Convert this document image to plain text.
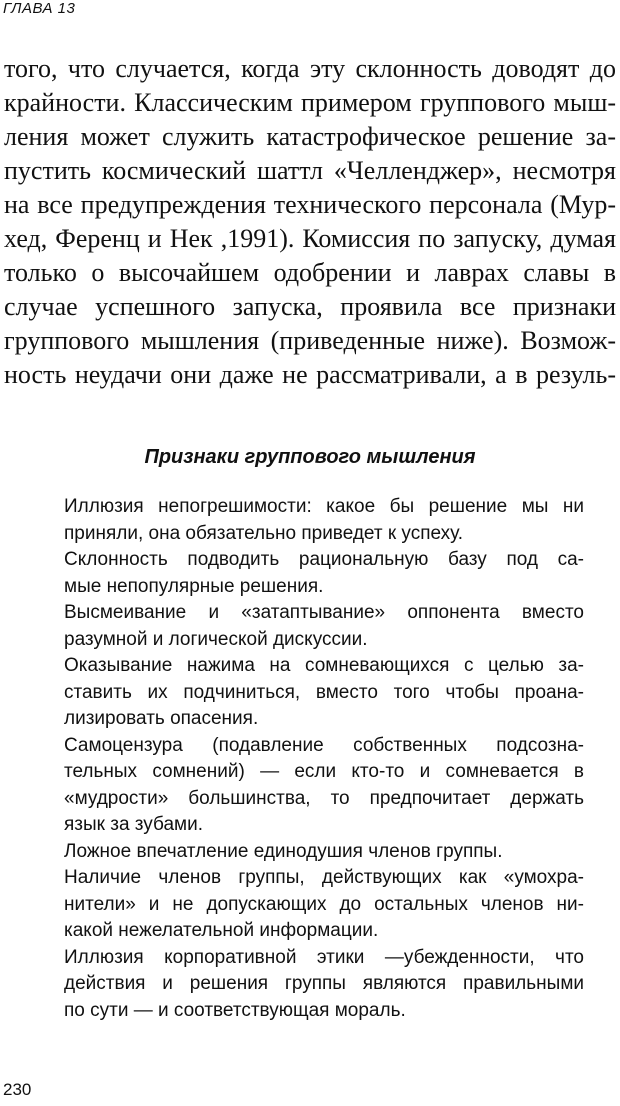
ГЛАВА 13
того, что случается, когда эту склонность доводят до
крайности. Классическим примером группового мыш-
ления может служить катастрофическое решение за-
пустить космический шаттл «Челленджер», несмотря
на все предупреждения технического персонала (Мур-
хед, Ференц и Нек ,1991). Комиссия по запуску, думая
только о высочайшем одобрении и лаврах славы в
случае успешного запуска, проявила все признаки
группового мышления (приведенные ниже). Возмож-
ность неудачи они даже не рассматривали, а в резуль-
Признаки группового мышления
Иллюзия непогрешимости: какое бы решение мы ни
приняли, она обязательно приведет к успеху.
Склонность подводить рациональную базу под са-
мые непопулярные решения.
Высмеивание и «затаптывание» оппонента вместо
разумной и логической дискуссии.
Оказывание нажима на сомневающихся с целью за-
ставить их подчиниться, вместо того чтобы проана-
лизировать опасения.
Самоцензура (подавление собственных подсозна-
тельных сомнений) — если кто-то и сомневается в
«мудрости» большинства, то предпочитает держать
язык за зубами.
Ложное впечатление единодушия членов группы.
Наличие членов группы, действующих как «умохра-
нители» и не допускающих до остальных членов ни-
какой нежелательной информации.
Иллюзия корпоративной этики —убежденности, что
действия и решения группы являются правильными
по сути — и соответствующая мораль.
230
